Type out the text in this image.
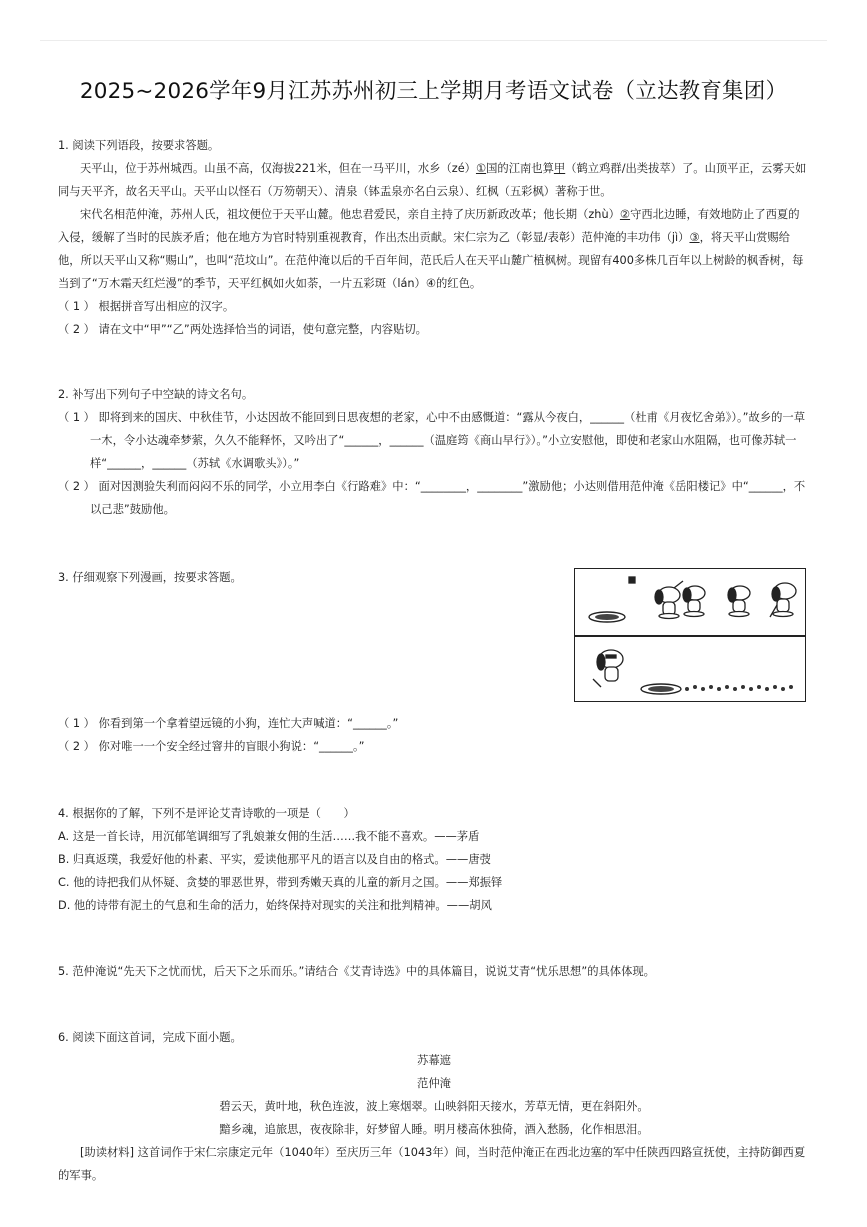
2025~2026学年9月江苏苏州初三上学期月考语文试卷（立达教育集团）

1. 阅读下列语段，按要求答题。

天平山，位于苏州城西。山虽不高，仅海拔221米，但在一马平川，水乡（zé）①国的江南也算甲（鹤立鸡群/出类拔萃）了。山顶平正，云雾天如同与天平齐，故名天平山。天平山以怪石（万笏朝天）、清泉（钵盂泉亦名白云泉）、红枫（五彩枫）著称于世。

宋代名相范仲淹，苏州人氏，祖坟便位于天平山麓。他忠君爱民，亲自主持了庆历新政改革；他长期（zhù）②守西北边睡，有效地防止了西夏的入侵，缓解了当时的民族矛盾；他在地方为官时特别重视教育，作出杰出贡献。宋仁宗为乙（彰显/表彰）范仲淹的丰功伟（jì）③，将天平山赏赐给他，所以天平山又称“赐山”，也叫“范坟山”。在范仲淹以后的千百年间，范氏后人在天平山麓广植枫树。现留有400多株几百年以上树龄的枫香树，每当到了“万木霜天红烂漫”的季节，天平红枫如火如荼，一片五彩斑（lán）④的红色。

（ 1 ） 根据拼音写出相应的汉字。

（ 2 ） 请在文中“甲”“乙”两处选择恰当的词语，使句意完整，内容贴切。

2. 补写出下列句子中空缺的诗文名句。

（ 1 ） 即将到来的国庆、中秋佳节，小达因故不能回到日思夜想的老家，心中不由感慨道：“露从今夜白，______（杜甫《月夜忆舍弟》）。”故乡的一草一木，令小达魂牵梦萦，久久不能释怀，又吟出了“______，______（温庭筠《商山早行》）。”小立安慰他，即使和老家山水阻隔，也可像苏轼一样“______，______（苏轼《水调歌头》）。”

（ 2 ） 面对因测验失利而闷闷不乐的同学，小立用李白《行路难》中：“________，________”激励他；小达则借用范仲淹《岳阳楼记》中“______，不以己悲”鼓励他。

3. 仔细观察下列漫画，按要求答题。

（ 1 ） 你看到第一个拿着望远镜的小狗，连忙大声喊道：“______。”

（ 2 ） 你对唯一一个安全经过窨井的盲眼小狗说：“______。”

4. 根据你的了解，下列不是评论艾青诗歌的一项是（　　）

A. 这是一首长诗，用沉郁笔调细写了乳娘兼女佣的生活……我不能不喜欢。——茅盾

B. 归真返璞，我爱好他的朴素、平实，爱读他那平凡的语言以及自由的格式。——唐弢

C. 他的诗把我们从怀疑、贪婪的罪恶世界，带到秀嫩天真的儿童的新月之国。——郑振铎

D. 他的诗带有泥土的气息和生命的活力，始终保持对现实的关注和批判精神。——胡风

5. 范仲淹说“先天下之忧而忧，后天下之乐而乐。”请结合《艾青诗选》中的具体篇目，说说艾青“忧乐思想”的具体体现。

6. 阅读下面这首词，完成下面小题。

苏幕遮

范仲淹

碧云天，黄叶地，秋色连波，波上寒烟翠。山映斜阳天接水，芳草无情，更在斜阳外。

黯乡魂，追旅思，夜夜除非，好梦留人睡。明月楼高休独倚，酒入愁肠，化作相思泪。

[助读材料] 这首词作于宋仁宗康定元年（1040年）至庆历三年（1043年）间，当时范仲淹正在西北边塞的军中任陕西四路宣抚使，主持防御西夏的军事。
